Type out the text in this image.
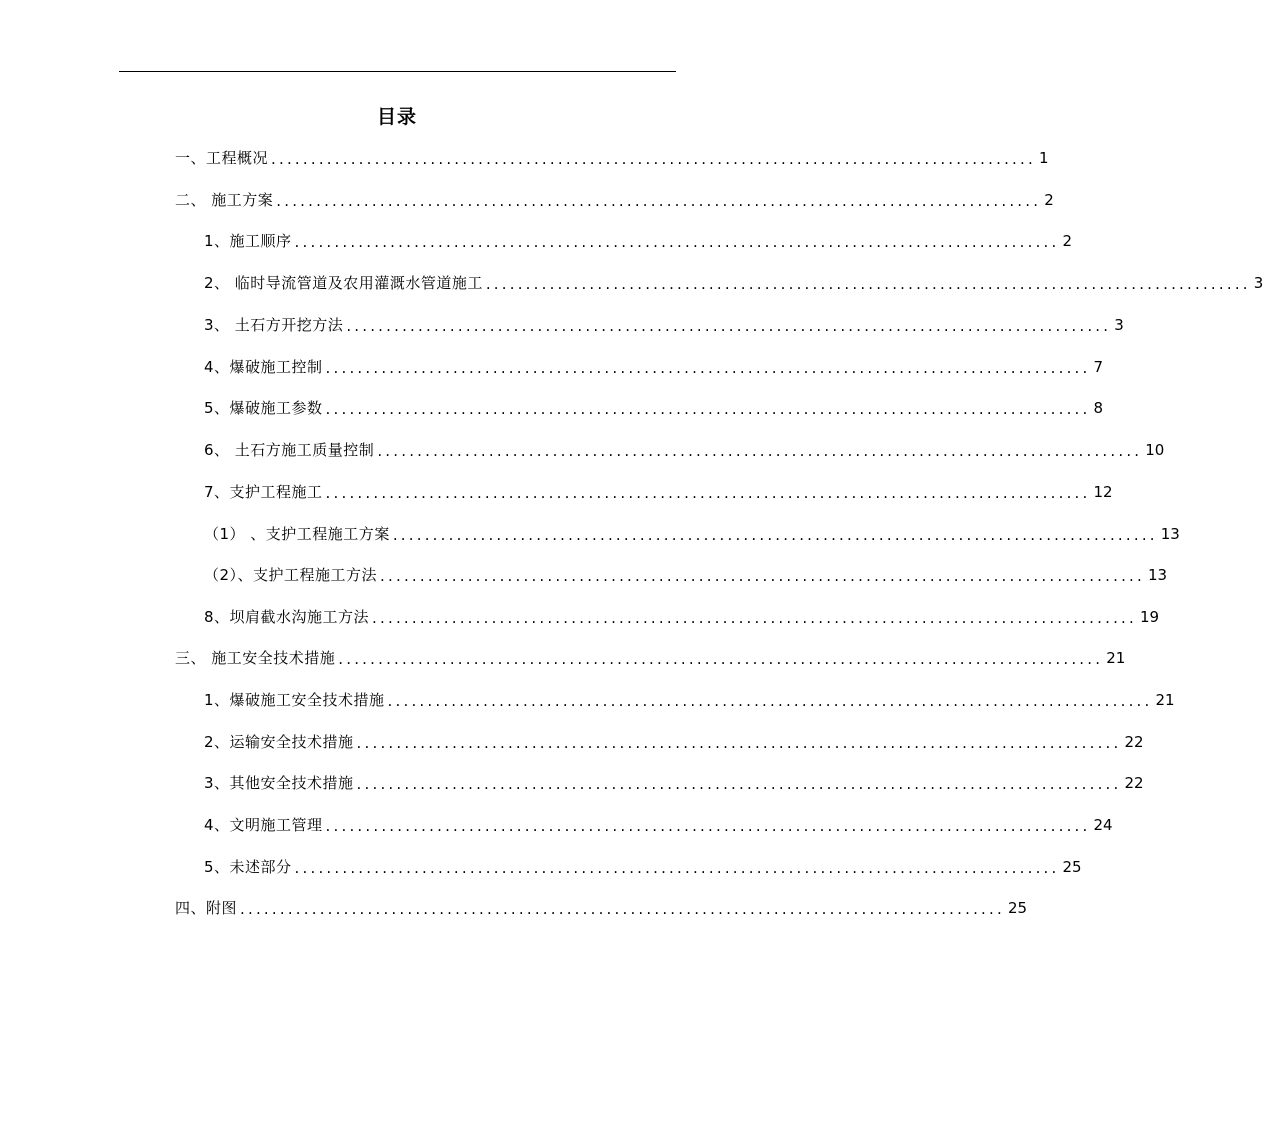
目录
一、工程概况 ................................................................................................ 1
二、 施工方案 ................................................................................................ 2
1、施工顺序 ................................................................................................ 2
2、 临时导流管道及农用灌溉水管道施工 ................................................................................................ 3
3、 土石方开挖方法 ................................................................................................ 3
4、爆破施工控制 ................................................................................................ 7
5、爆破施工参数 ................................................................................................ 8
6、 土石方施工质量控制 ................................................................................................ 10
7、支护工程施工 ................................................................................................ 12
（1） 、支护工程施工方案 ................................................................................................ 13
（2）、支护工程施工方法 ................................................................................................ 13
8、坝肩截水沟施工方法 ................................................................................................ 19
三、 施工安全技术措施 ................................................................................................ 21
1、爆破施工安全技术措施 ................................................................................................ 21
2、运输安全技术措施 ................................................................................................ 22
3、其他安全技术措施 ................................................................................................ 22
4、文明施工管理 ................................................................................................ 24
5、未述部分 ................................................................................................ 25
四、附图 ................................................................................................ 25
